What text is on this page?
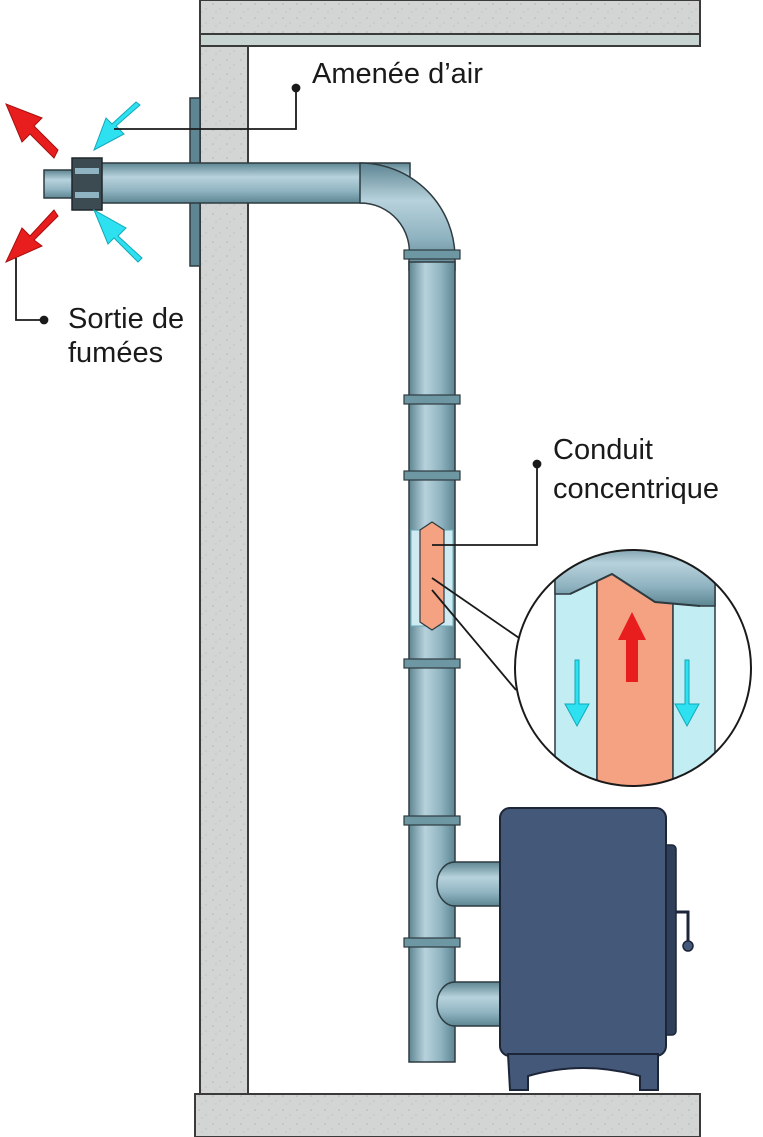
Amenée d’air
Sortie de
fumées
Conduit
concentrique
